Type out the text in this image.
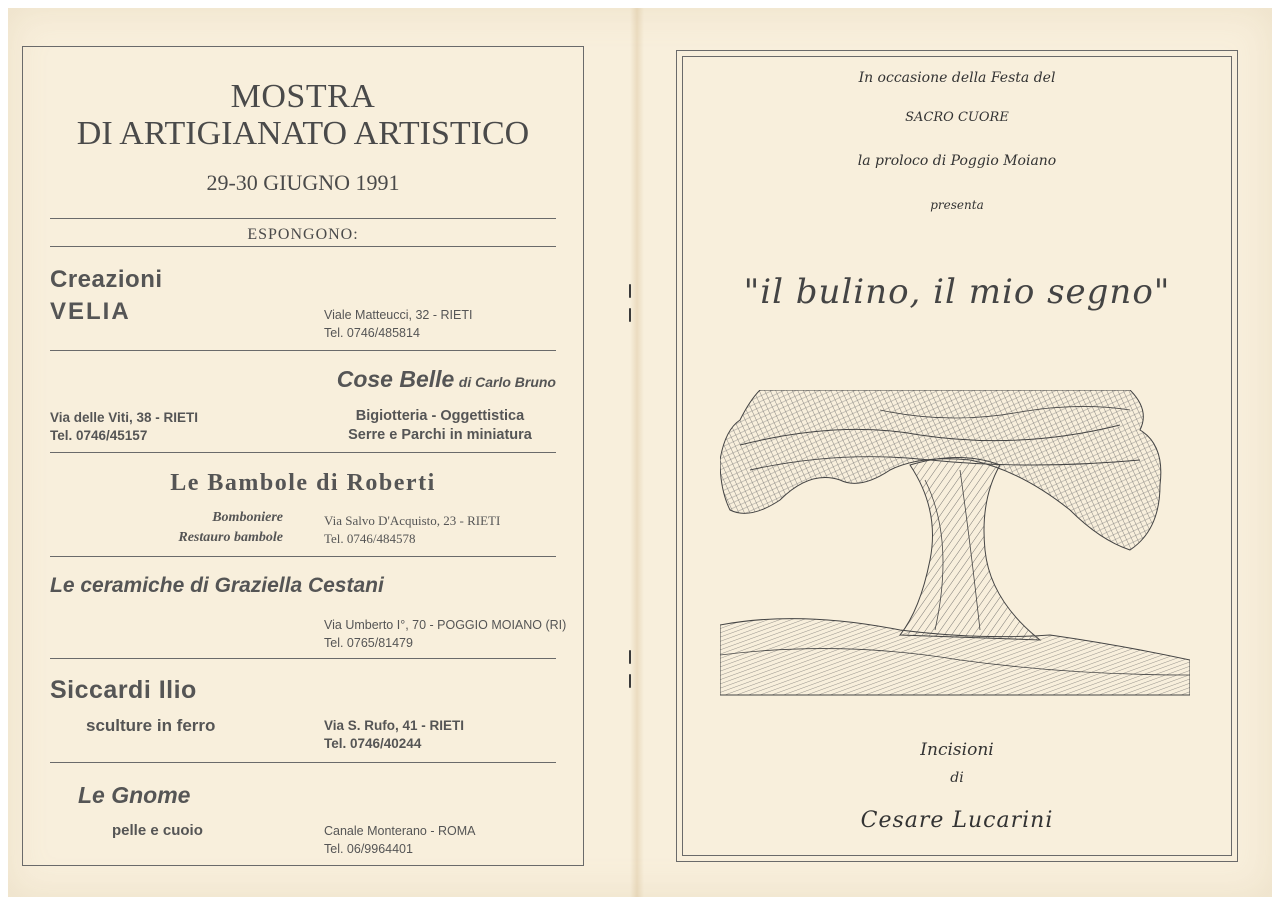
MOSTRA
DI ARTIGIANATO ARTISTICO
29-30 GIUGNO 1991
ESPONGONO:
Creazioni
VELIA	Viale Matteucci, 32 - RIETI
Tel. 0746/485814
Cose Belle di Carlo Bruno
Via delle Viti, 38 - RIETI
Tel. 0746/45157
Bigiotteria - Oggettistica
Serre e Parchi in miniatura
Le Bambole di Roberti
Bomboniere
Restauro bambole
Via Salvo D'Acquisto, 23 - RIETI
Tel. 0746/484578
Le ceramiche di Graziella Cestani
Via Umberto I°, 70 - POGGIO MOIANO (RI)
Tel. 0765/81479
Siccardi Ilio
sculture in ferro	Via S. Rufo, 41 - RIETI
Tel. 0746/40244
Le Gnome
pelle e cuoio	Canale Monterano - ROMA
Tel. 06/9964401
In occasione della Festa del
SACRO CUORE
la proloco di Poggio Moiano
presenta
"il bulino, il mio segno"
Incisioni
di
Cesare Lucarini
